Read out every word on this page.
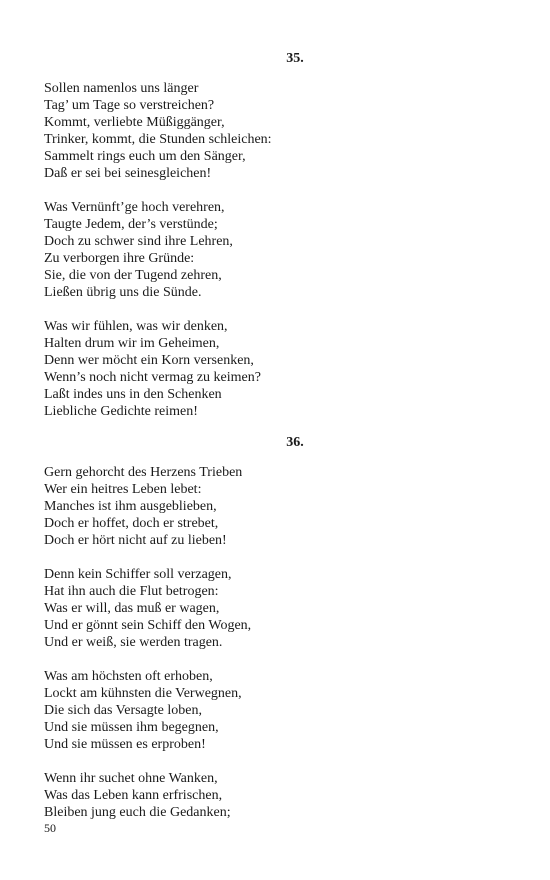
35.
Sollen namenlos uns länger
Tag’ um Tage so verstreichen?
Kommt, verliebte Müßiggänger,
Trinker, kommt, die Stunden schleichen:
Sammelt rings euch um den Sänger,
Daß er sei bei seinesgleichen!
Was Vernünft’ge hoch verehren,
Taugte Jedem, der’s verstünde;
Doch zu schwer sind ihre Lehren,
Zu verborgen ihre Gründe:
Sie, die von der Tugend zehren,
Ließen übrig uns die Sünde.
Was wir fühlen, was wir denken,
Halten drum wir im Geheimen,
Denn wer möcht ein Korn versenken,
Wenn’s noch nicht vermag zu keimen?
Laßt indes uns in den Schenken
Liebliche Gedichte reimen!
36.
Gern gehorcht des Herzens Trieben
Wer ein heitres Leben lebet:
Manches ist ihm ausgeblieben,
Doch er hoffet, doch er strebet,
Doch er hört nicht auf zu lieben!
Denn kein Schiffer soll verzagen,
Hat ihn auch die Flut betrogen:
Was er will, das muß er wagen,
Und er gönnt sein Schiff den Wogen,
Und er weiß, sie werden tragen.
Was am höchsten oft erhoben,
Lockt am kühnsten die Verwegnen,
Die sich das Versagte loben,
Und sie müssen ihm begegnen,
Und sie müssen es erproben!
Wenn ihr suchet ohne Wanken,
Was das Leben kann erfrischen,
Bleiben jung euch die Gedanken;
50
